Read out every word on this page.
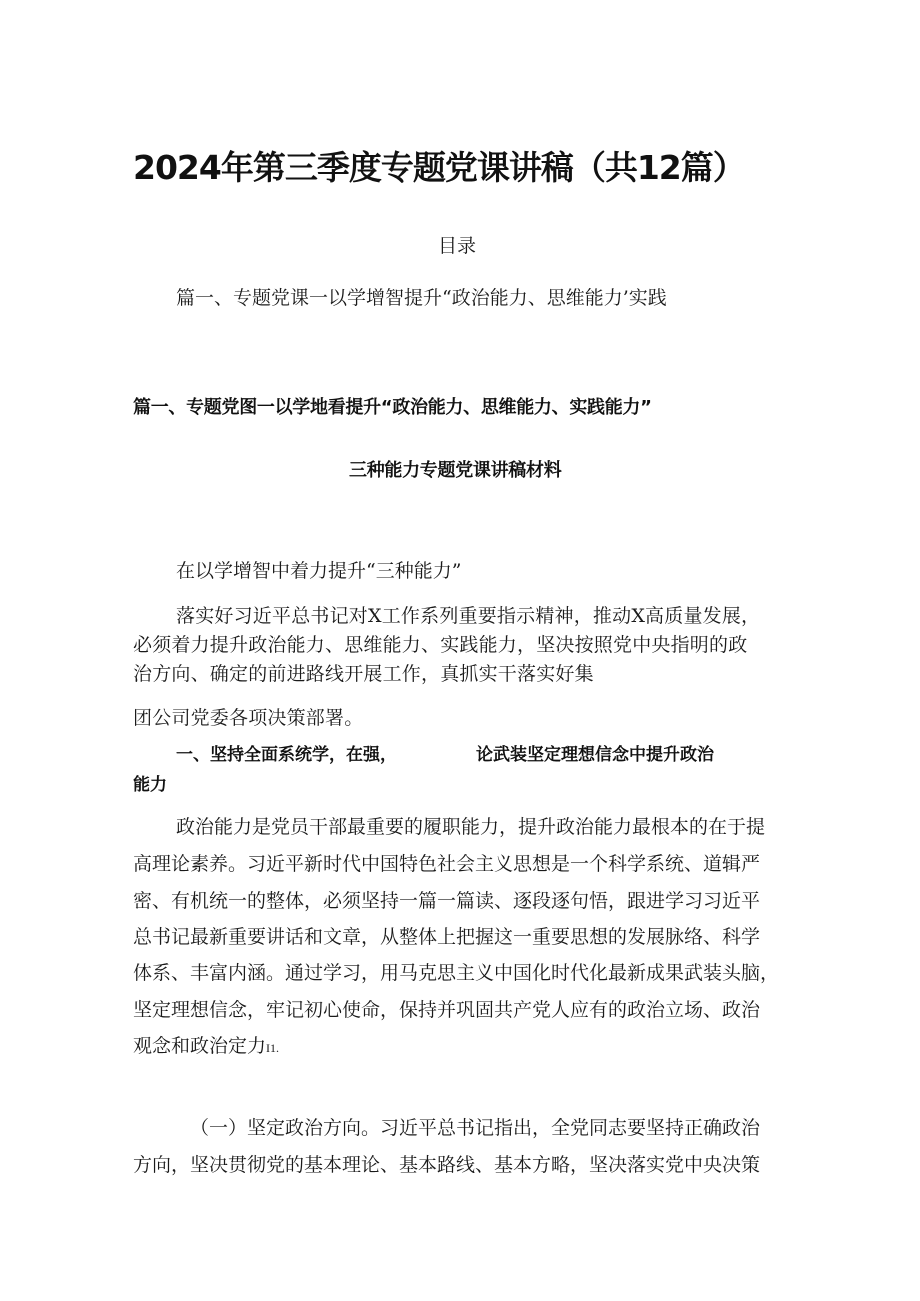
2024年第三季度专题党课讲稿（共12篇）
目录
篇一、专题党课一以学增智提升“政治能力、思维能力’实践
篇一、专题党图一以学地看提升“政治能力、思维能力、实践能力”
三种能力专题党课讲稿材料
在以学增智中着力提升“三种能力”
落实好习近平总书记对X工作系列重要指示精神，推动X高质量发展，
必须着力提升政治能力、思维能力、实践能力，坚决按照党中央指明的政
治方向、确定的前进路线开展工作，真抓实干落实好集
团公司党委各项决策部署。
一、坚持全面系统学，在强，	论武装坚定理想信念中提升政治
能力
政治能力是党员干部最重要的履职能力，提升政治能力最根本的在于提
高理论素养。习近平新时代中国特色社会主义思想是一个科学系统、道辑严
密、有机统一的整体，必须坚持一篇一篇读、逐段逐句悟，跟进学习习近平
总书记最新重要讲话和文章，从整体上把握这一重要思想的发展脉络、科学
体系、丰富内涵。通过学习，用马克思主义中国化时代化最新成果武装头脑，
坚定理想信念，牢记初心使命，保持并巩固共产党人应有的政治立场、政治
观念和政治定力I1.
（一）坚定政治方向。习近平总书记指出，全党同志要坚持正确政治
方向，坚决贯彻党的基本理论、基本路线、基本方略，坚决落实党中央决策
